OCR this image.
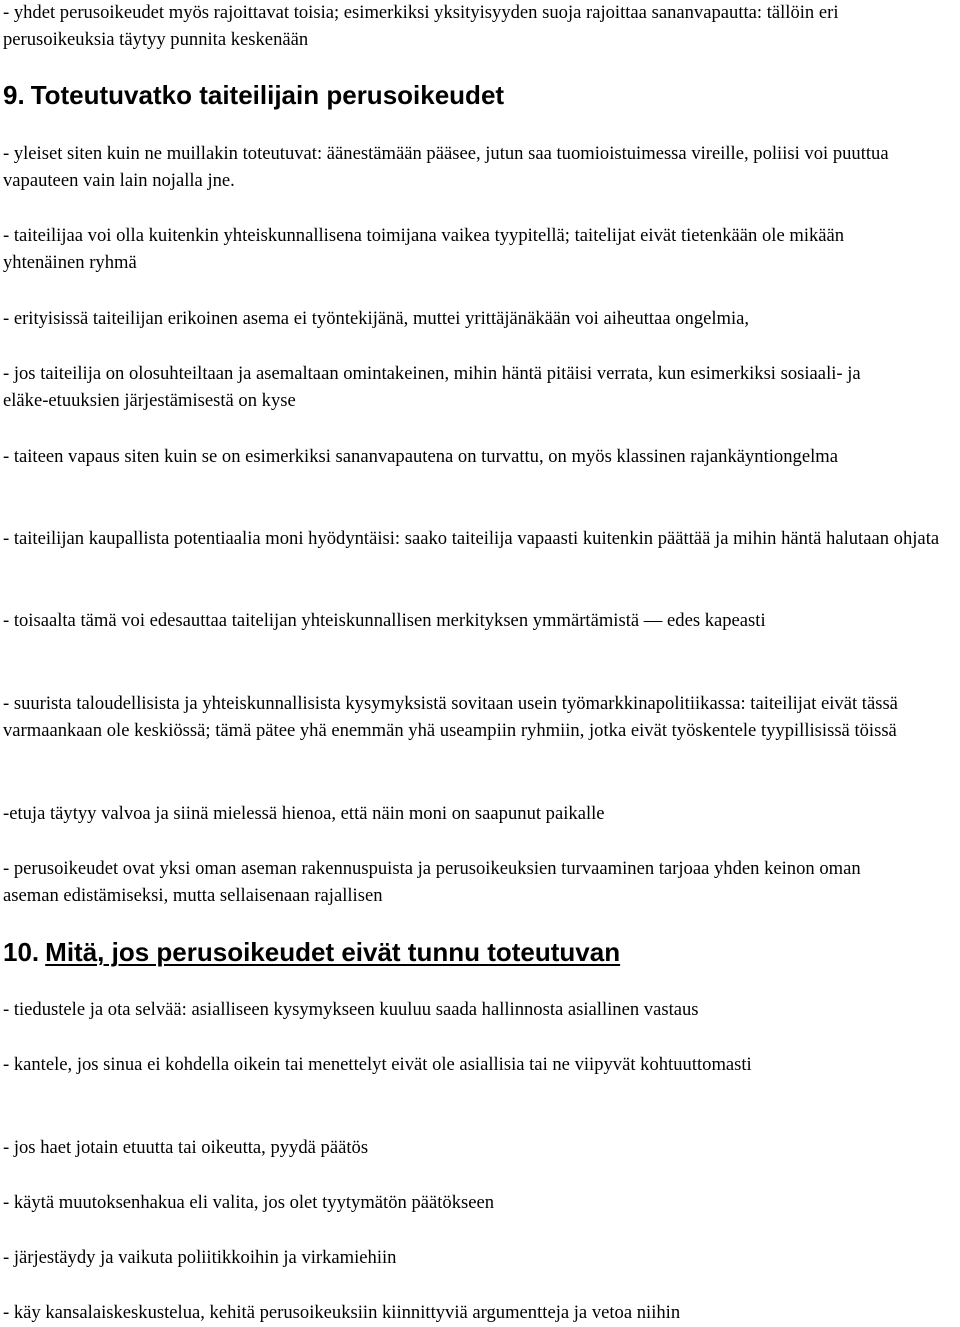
- yhdet perusoikeudet myös rajoittavat toisia; esimerkiksi yksityisyyden suoja rajoittaa sananvapautta: tällöin eri perusoikeuksia täytyy punnita keskenään

9. Toteutuvatko taiteilijain perusoikeudet

- yleiset siten kuin ne muillakin toteutuvat: äänestämään pääsee, jutun saa tuomioistuimessa vireille, poliisi voi puuttua vapauteen vain lain nojalla jne.

- taiteilijaa voi olla kuitenkin yhteiskunnallisena toimijana vaikea tyypitellä; taitelijat eivät tietenkään ole mikään yhtenäinen ryhmä

- erityisissä taiteilijan erikoinen asema ei työntekijänä, muttei yrittäjänäkään voi aiheuttaa ongelmia,

- jos taiteilija on olosuhteiltaan ja asemaltaan omintakeinen, mihin häntä pitäisi verrata, kun esimerkiksi sosiaali- ja eläke-etuuksien järjestämisestä on kyse

- taiteen vapaus siten kuin se on esimerkiksi sananvapautena on turvattu, on myös klassinen rajankäyntiongelma

- taiteilijan kaupallista potentiaalia moni hyödyntäisi: saako taiteilija vapaasti kuitenkin päättää ja mihin häntä halutaan ohjata

- toisaalta tämä voi edesauttaa taitelijan yhteiskunnallisen merkityksen ymmärtämistä — edes kapeasti

- suurista taloudellisista ja yhteiskunnallisista kysymyksistä sovitaan usein työmarkkinapolitiikassa: taiteilijat eivät tässä varmaankaan ole keskiössä; tämä pätee yhä enemmän yhä useampiin ryhmiin, jotka eivät työskentele tyypillisissä töissä

-etuja täytyy valvoa ja siinä mielessä hienoa, että näin moni on saapunut paikalle

- perusoikeudet ovat yksi oman aseman rakennuspuista ja perusoikeuksien turvaaminen tarjoaa yhden keinon oman aseman edistämiseksi, mutta sellaisenaan rajallisen

10. Mitä, jos perusoikeudet eivät tunnu toteutuvan

- tiedustele ja ota selvää: asialliseen kysymykseen kuuluu saada hallinnosta asiallinen vastaus

- kantele, jos sinua ei kohdella oikein tai menettelyt eivät ole asiallisia tai ne viipyvät kohtuuttomasti

- jos haet jotain etuutta tai oikeutta, pyydä päätös

- käytä muutoksenhakua eli valita, jos olet tyytymätön päätökseen

- järjestäydy ja vaikuta poliitikkoihin ja virkamiehiin

- käy kansalaiskeskustelua, kehitä perusoikeuksiin kiinnittyviä argumentteja ja vetoa niihin
